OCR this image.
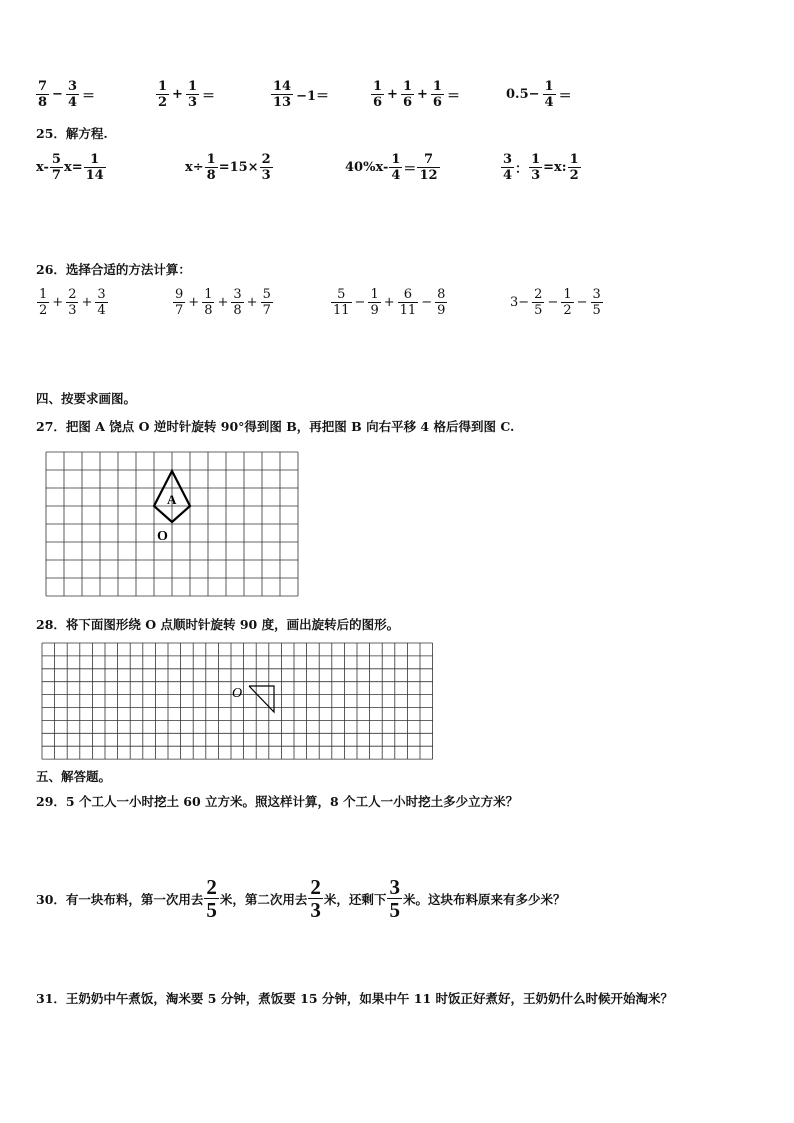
$\frac{7}{8} - \frac{3}{4}$ ＝	$\frac{1}{2} + \frac{1}{3}$ ＝	$\frac{14}{13} -1=$	$\frac{1}{6} + \frac{1}{6} + \frac{1}{6}$ ＝	$0.5- \frac{1}{4}$ ＝
25．解方程.
$x- \frac{5}{7} x= \frac{1}{14}$	$x\div \frac{1}{8} =15\times \frac{2}{3}$	$40\%x- \frac{1}{4} = \frac{7}{12}$	$\frac{3}{4}$ ： $\frac{1}{3} =x$: $\frac{1}{2}$
26．选择合适的方法计算：
$\frac{1}{2} + \frac{2}{3} + \frac{3}{4}$	$\frac{9}{7} + \frac{1}{8} + \frac{3}{8} + \frac{5}{7}$	$\frac{5}{11} - \frac{1}{9} + \frac{6}{11} - \frac{8}{9}$	$3- \frac{2}{5} - \frac{1}{2} - \frac{3}{5}$
四、按要求画图。
27．把图 A 饶点 O 逆时针旋转 90°得到图 B，再把图 B 向右平移 4 格后得到图 C.
A
O
28．将下面图形绕 O 点顺时针旋转 90 度，画出旋转后的图形。
O
五、解答题。
29．5 个工人一小时挖土 60 立方米。照这样计算，8 个工人一小时挖土多少立方米？
30．有一块布料，第一次用去 $\frac{2}{5}$ 米，第二次用去 $\frac{2}{3}$ 米，还剩下 $\frac{3}{5}$ 米。这块布料原来有多少米？
31．王奶奶中午煮饭，淘米要 5 分钟，煮饭要 15 分钟，如果中午 11 时饭正好煮好，王奶奶什么时候开始淘米？
